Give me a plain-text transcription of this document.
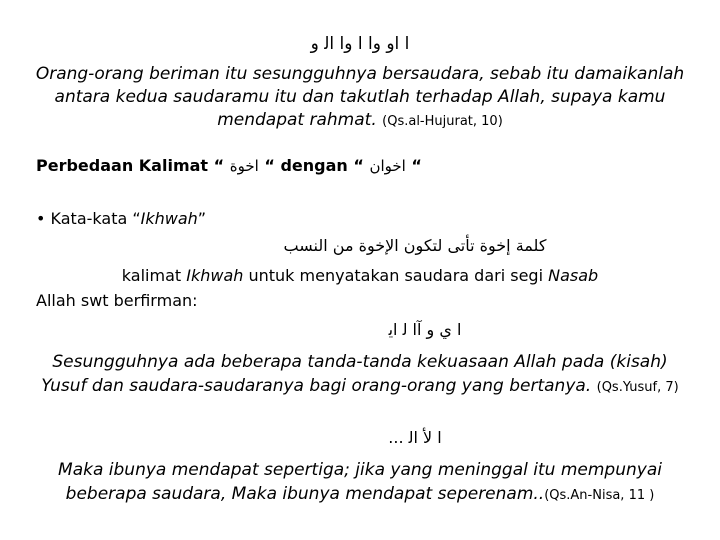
ا او وا ا وا اﻟ و
Orang-orang beriman itu sesungguhnya bersaudara, sebab itu damaikanlah
antara kedua saudaramu itu dan takutlah terhadap Allah, supaya kamu
mendapat rahmat. (Qs.al-Hujurat, 10)
Perbedaan Kalimat “ اخوة “ dengan “ اخوان “
• Kata-kata “Ikhwah”
كلمة إخوة تأتى لتكون الإخوة من النسب
kalimat Ikhwah untuk menyatakan saudara dari segi Nasab
Allah swt berfirman:
ا ي و آا ﻟ اﻳ
Sesungguhnya ada beberapa tanda-tanda kekuasaan Allah pada (kisah)
Yusuf dan saudara-saudaranya bagi orang-orang yang bertanya. (Qs.Yusuf, 7)
ا لأ اﻟ ...
Maka ibunya mendapat sepertiga; jika yang meninggal itu mempunyai
beberapa saudara, Maka ibunya mendapat seperenam..(Qs.An-Nisa, 11 )
